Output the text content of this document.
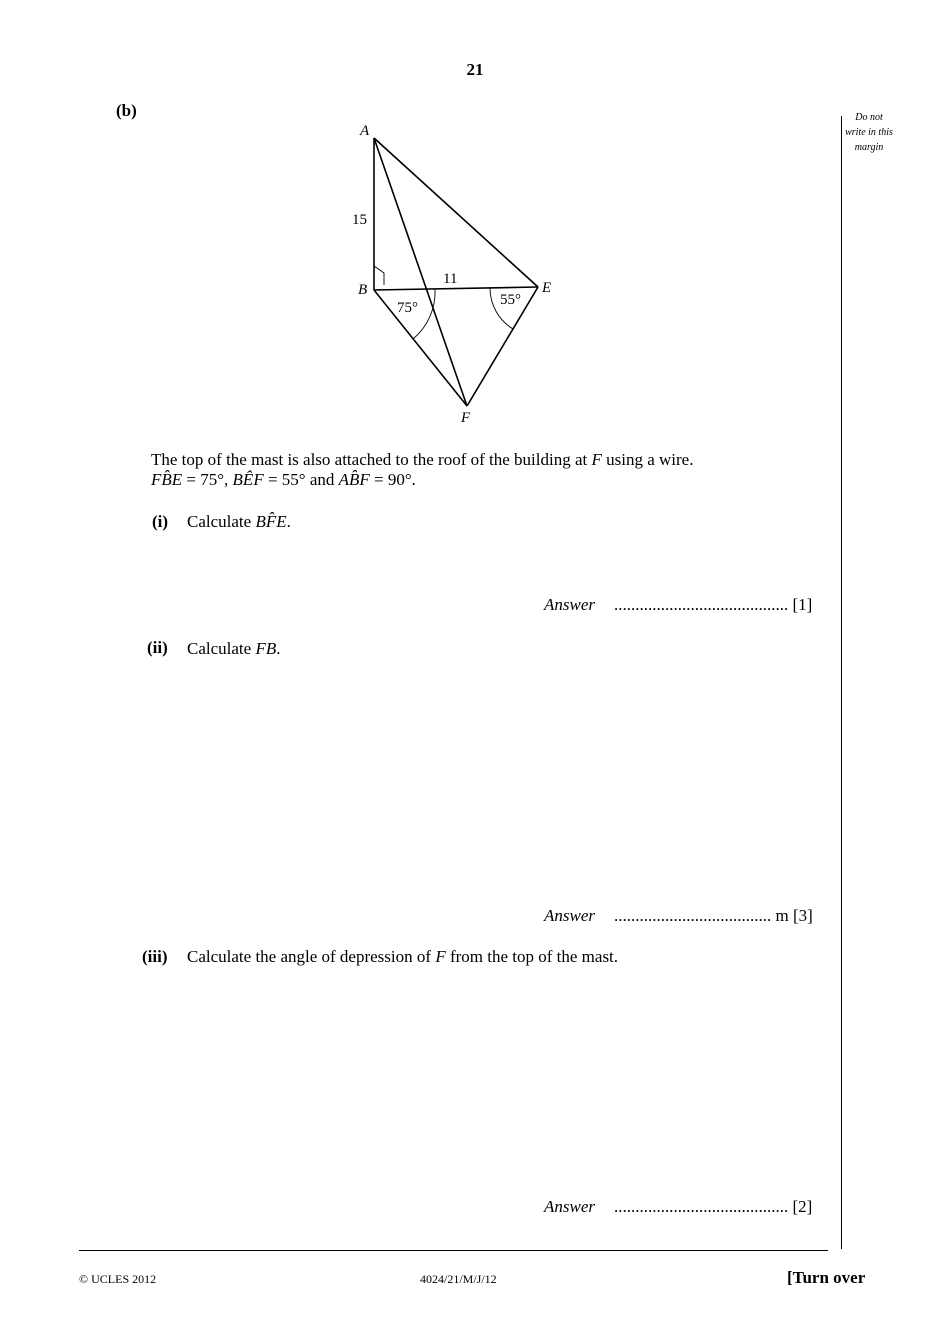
21
(b)	Do not
write in this
margin
A
B	E
F
15
11
75°	55°
The top of the mast is also attached to the roof of the building at F using a wire.
FB̂E = 75°, BÊF = 55° and AB̂F = 90°.
(i) Calculate BF̂E.
Answer ......................................... [1]
(ii) Calculate FB.
Answer ..................................... m [3]
(iii) Calculate the angle of depression of F from the top of the mast.
Answer ......................................... [2]
© UCLES 2012	4024/21/M/J/12	[Turn over
